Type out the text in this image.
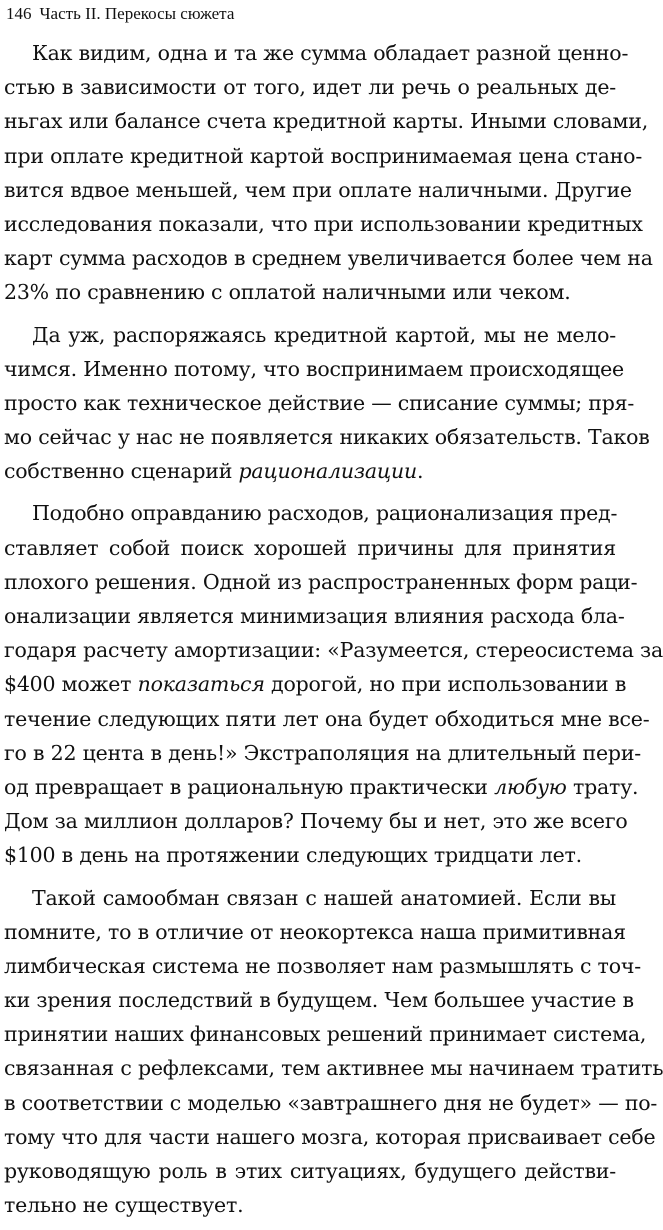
146 Часть II. Перекосы сюжета
Как видим, одна и та же сумма обладает разной ценно-
стью в зависимости от того, идет ли речь о реальных де-
ньгах или балансе счета кредитной карты. Иными словами,
при оплате кредитной картой воспринимаемая цена стано-
вится вдвое меньшей, чем при оплате наличными. Другие
исследования показали, что при использовании кредитных
карт сумма расходов в среднем увеличивается более чем на
23% по сравнению с оплатой наличными или чеком.
Да уж, распоряжаясь кредитной картой, мы не мело-
чимся. Именно потому, что воспринимаем происходящее
просто как техническое действие — списание суммы; пря-
мо сейчас у нас не появляется никаких обязательств. Таков
собственно сценарий рационализации.
Подобно оправданию расходов, рационализация пред-
ставляет собой поиск хорошей причины для принятия
плохого решения. Одной из распространенных форм раци-
онализации является минимизация влияния расхода бла-
годаря расчету амортизации: «Разумеется, стереосистема за
$400 может показаться дорогой, но при использовании в
течение следующих пяти лет она будет обходиться мне все-
го в 22 цента в день!» Экстраполяция на длительный пери-
од превращает в рациональную практически любую трату.
Дом за миллион долларов? Почему бы и нет, это же всего
$100 в день на протяжении следующих тридцати лет.
Такой самообман связан с нашей анатомией. Если вы
помните, то в отличие от неокортекса наша примитивная
лимбическая система не позволяет нам размышлять с точ-
ки зрения последствий в будущем. Чем большее участие в
принятии наших финансовых решений принимает система,
связанная с рефлексами, тем активнее мы начинаем тратить
в соответствии с моделью «завтрашнего дня не будет» — по-
тому что для части нашего мозга, которая присваивает себе
руководящую роль в этих ситуациях, будущего действи-
тельно не существует.
